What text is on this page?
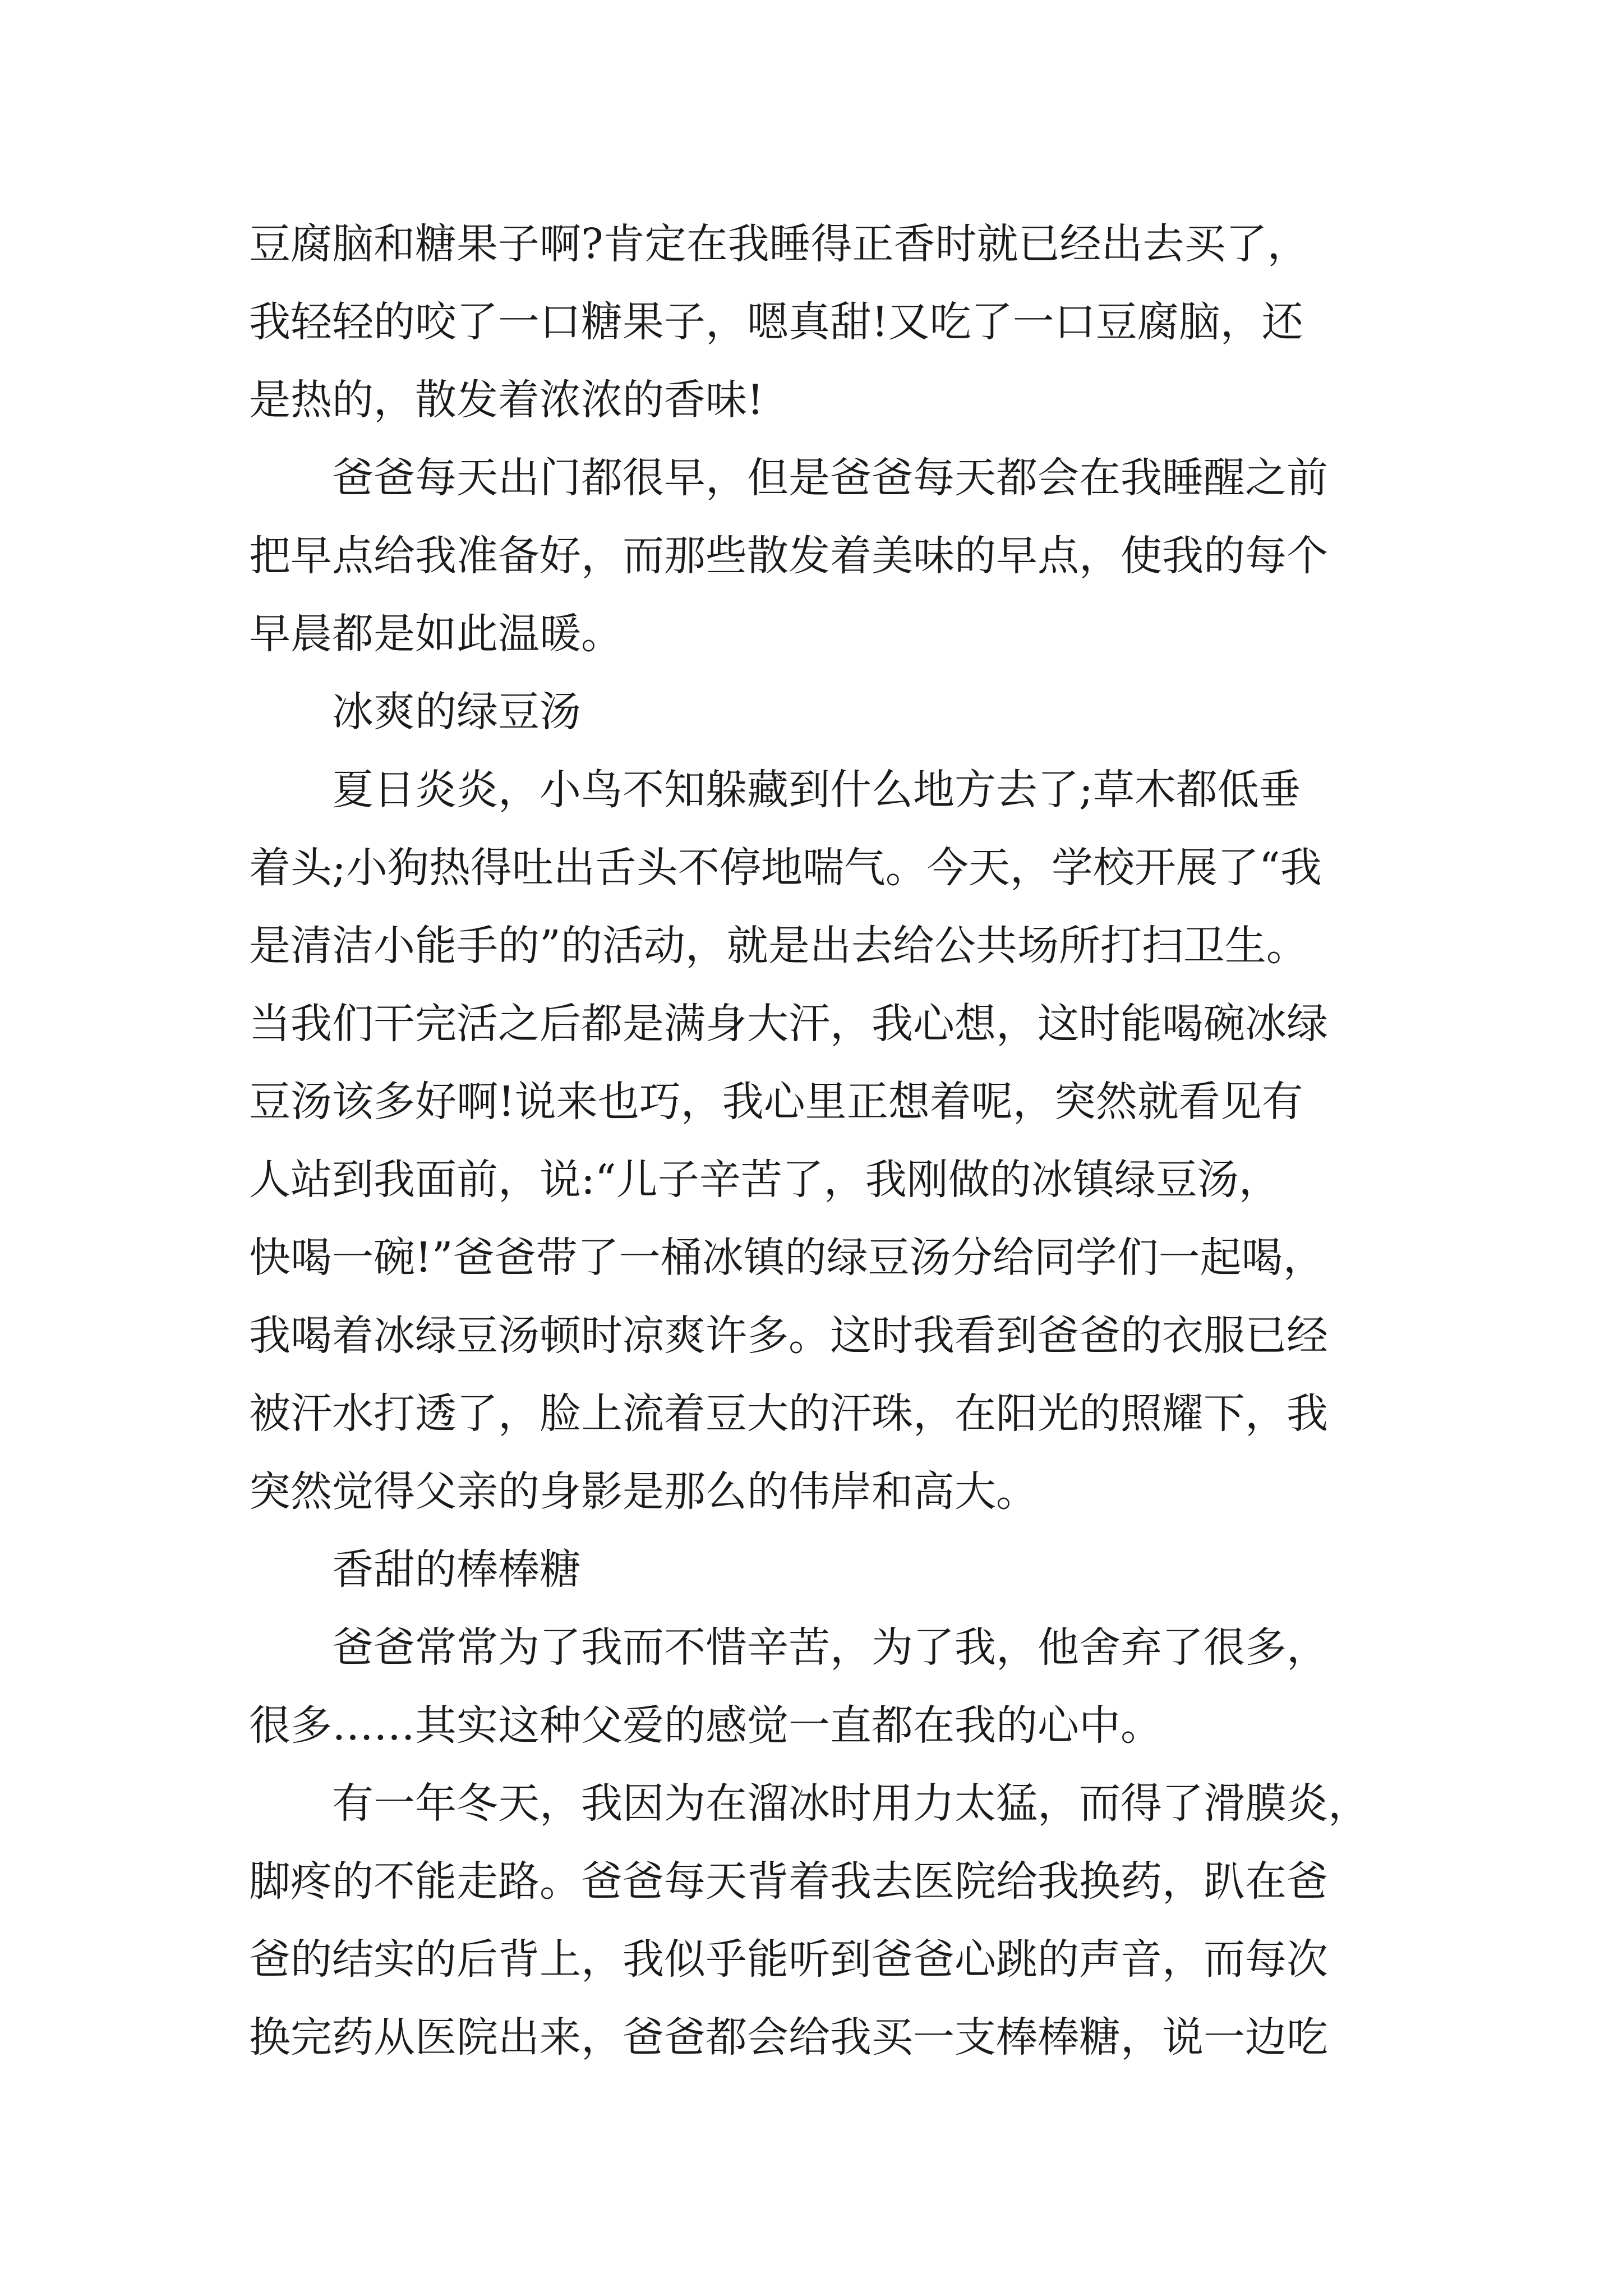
豆腐脑和糖果子啊?肯定在我睡得正香时就已经出去买了，
我轻轻的咬了一口糖果子，嗯真甜!又吃了一口豆腐脑，还
是热的，散发着浓浓的香味!
爸爸每天出门都很早，但是爸爸每天都会在我睡醒之前
把早点给我准备好，而那些散发着美味的早点，使我的每个
早晨都是如此温暖。
冰爽的绿豆汤
夏日炎炎，小鸟不知躲藏到什么地方去了;草木都低垂
着头;小狗热得吐出舌头不停地喘气。今天，学校开展了“我
是清洁小能手的”的活动，就是出去给公共场所打扫卫生。
当我们干完活之后都是满身大汗，我心想，这时能喝碗冰绿
豆汤该多好啊!说来也巧，我心里正想着呢，突然就看见有
人站到我面前，说:“儿子辛苦了，我刚做的冰镇绿豆汤，
快喝一碗!”爸爸带了一桶冰镇的绿豆汤分给同学们一起喝，
我喝着冰绿豆汤顿时凉爽许多。这时我看到爸爸的衣服已经
被汗水打透了，脸上流着豆大的汗珠，在阳光的照耀下，我
突然觉得父亲的身影是那么的伟岸和高大。
香甜的棒棒糖
爸爸常常为了我而不惜辛苦，为了我，他舍弃了很多，
很多……其实这种父爱的感觉一直都在我的心中。
有一年冬天，我因为在溜冰时用力太猛，而得了滑膜炎，
脚疼的不能走路。爸爸每天背着我去医院给我换药，趴在爸
爸的结实的后背上，我似乎能听到爸爸心跳的声音，而每次
换完药从医院出来，爸爸都会给我买一支棒棒糖，说一边吃
